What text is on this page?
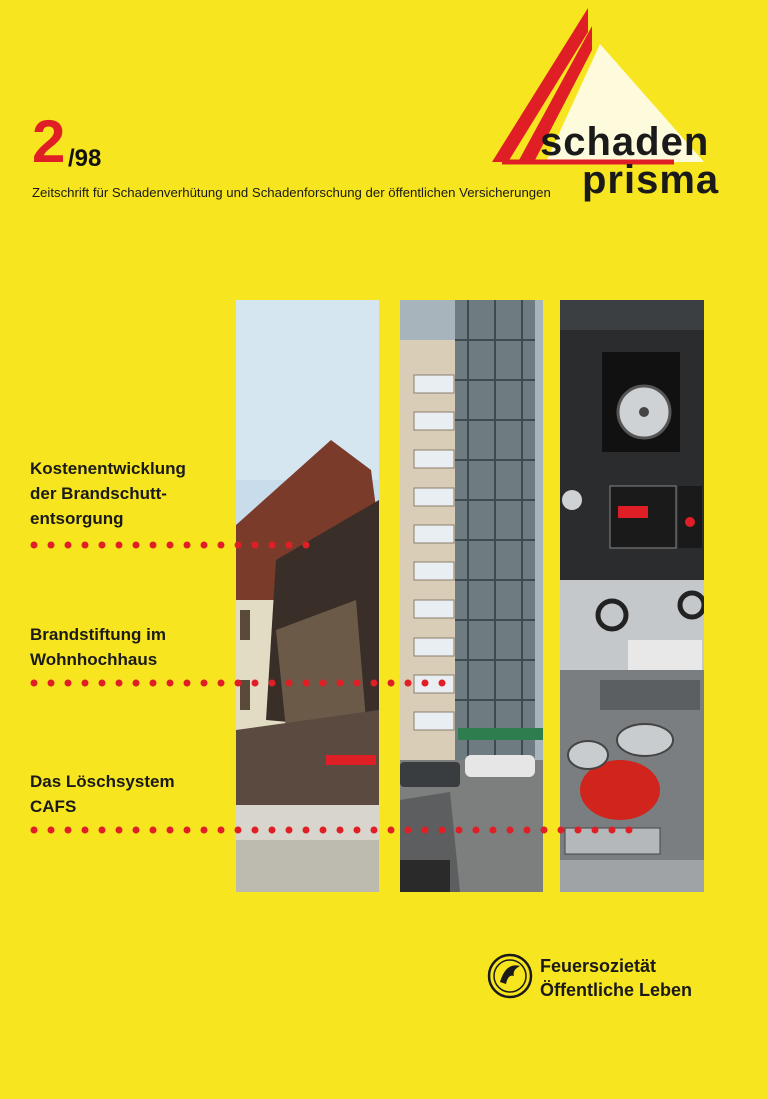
2 /98
Zeitschrift für Schadenverhütung und Schadenforschung der öffentlichen Versicherungen
schaden
prisma
Kostenentwicklung
der Brandschutt-
entsorgung
Brandstiftung im
Wohnhochhaus
Das Löschsystem
CAFS
Feuersozietät
Öffentliche Leben
